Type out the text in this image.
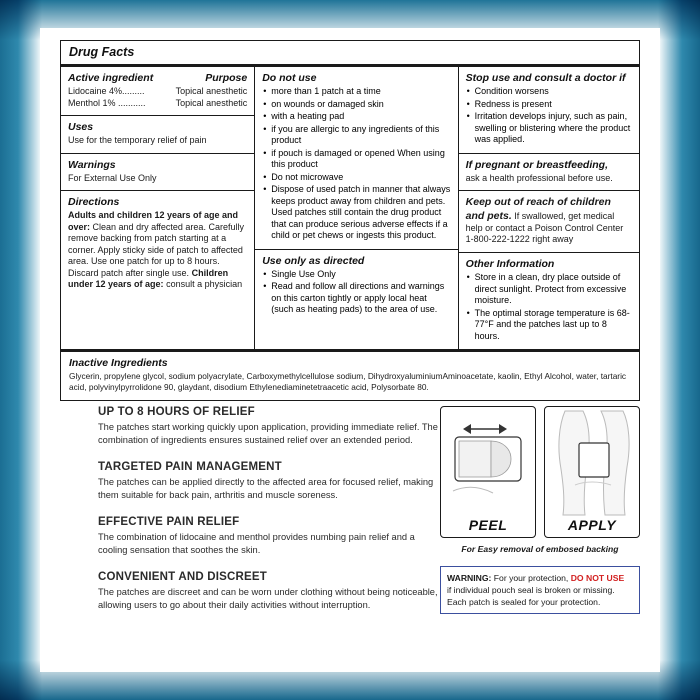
Drug Facts
Active ingredient	Purpose
Lidocaine 4%.........	Topical anesthetic
Menthol 1% ...........	Topical anesthetic
Uses
Use for the temporary relief of pain
Warnings
For External Use Only
Directions
Adults and children 12 years of age and over: Clean and dry affected area. Carefully remove backing from patch starting at a corner. Apply sticky side of patch to affected area. Use one patch for up to 8 hours. Discard patch after single use. Children under 12 years of age: consult a physician
Do not use
• more than 1 patch at a time
• on wounds or damaged skin
• with a heating pad
• if you are allergic to any ingredients of this product
• if pouch is damaged or opened When using this product
• Do not microwave
• Dispose of used patch in manner that always keeps product away from children and pets. Used patches still contain the drug product that can produce serious adverse effects if a child or pet chews or ingests this product.
Use only as directed
• Single Use Only
• Read and follow all directions and warnings on this carton tightly or apply local heat (such as heating pads) to the area of use.
Stop use and consult a doctor if
• Condition worsens
• Redness is present
• Irritation develops injury, such as pain, swelling or blistering where the product was applied.
If pregnant or breastfeeding,
ask a health professional before use.
Keep out of reach of children and pets. If swallowed, get medical help or contact a Poison Control Center 1-800-222-1222 right away
Other Information
• Store in a clean, dry place outside of direct sunlight. Protect from excessive moisture.
• The optimal storage temperature is 68-77°F and the patches last up to 8 hours.
Inactive Ingredients
Glycerin, propylene glycol, sodium polyacrylate, Carboxymethylcellulose sodium, DihydroxyaluminiumAminoacetate, kaolin, Ethyl Alcohol, water, tartaric acid, polyvinylpyrrolidone 90, glaydant, disodium Ethylenediaminetetraacetic acid, Polysorbate 80.
UP TO 8 HOURS OF RELIEF
The patches start working quickly upon application, providing immediate relief. The combination of ingredients ensures sustained relief over an extended period.
TARGETED PAIN MANAGEMENT
The patches can be applied directly to the affected area for focused relief, making them suitable for back pain, arthritis and muscle soreness.
EFFECTIVE PAIN RELIEF
The combination of lidocaine and menthol provides numbing pain relief and a cooling sensation that soothes the skin.
CONVENIENT AND DISCREET
The patches are discreet and can be worn under clothing without being noticeable, allowing users to go about their daily activities without interruption.
PEEL	APPLY
For Easy removal of embosed backing
WARNING: For your protection, DO NOT USE
if individual pouch seal is broken or missing.
Each patch is sealed for your protection.
